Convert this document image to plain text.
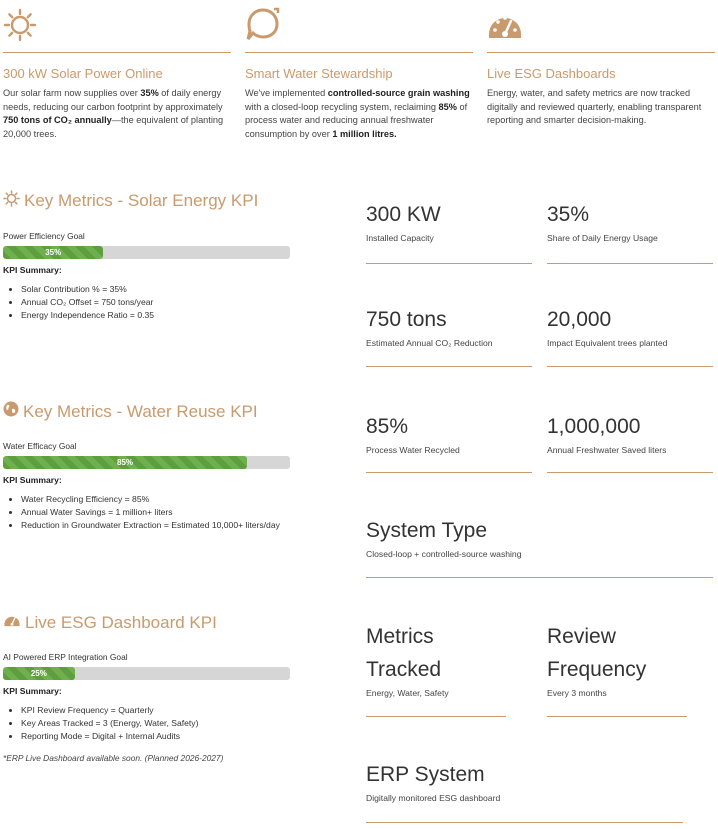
300 kW Solar Power Online

Our solar farm now supplies over 35% of daily energy needs, reducing our carbon footprint by approximately 750 tons of CO₂ annually—the equivalent of planting 20,000 trees.

Smart Water Stewardship

We've implemented controlled-source grain washing with a closed-loop recycling system, reclaiming 85% of process water and reducing annual freshwater consumption by over 1 million litres.

Live ESG Dashboards

Energy, water, and safety metrics are now tracked digitally and reviewed quarterly, enabling transparent reporting and smarter decision-making.

Key Metrics - Solar Energy KPI
Power Efficiency Goal
35%
KPI Summary:
• Solar Contribution % = 35%
• Annual CO₂ Offset = 750 tons/year
• Energy Independence Ratio = 0.35
Key Metrics - Water Reuse KPI
Water Efficacy Goal
85%
KPI Summary:
• Water Recycling Efficiency = 85%
• Annual Water Savings = 1 million+ liters
• Reduction in Groundwater Extraction = Estimated 10,000+ liters/day
Live ESG Dashboard KPI
AI Powered ERP Integration Goal
25%
KPI Summary:
• KPI Review Frequency = Quarterly
• Key Areas Tracked = 3 (Energy, Water, Safety)
• Reporting Mode = Digital + Internal Audits
*ERP Live Dashboard available soon. (Planned 2026-2027)
300 KW
Installed Capacity
35%
Share of Daily Energy Usage
750 tons
Estimated Annual CO₂ Reduction
20,000
Impact Equivalent trees planted
85%
Process Water Recycled
1,000,000
Annual Freshwater Saved liters
System Type
Closed-loop + controlled-source washing
Metrics Tracked
Energy, Water, Safety
Review Frequency
Every 3 months
ERP System
Digitally monitored ESG dashboard
